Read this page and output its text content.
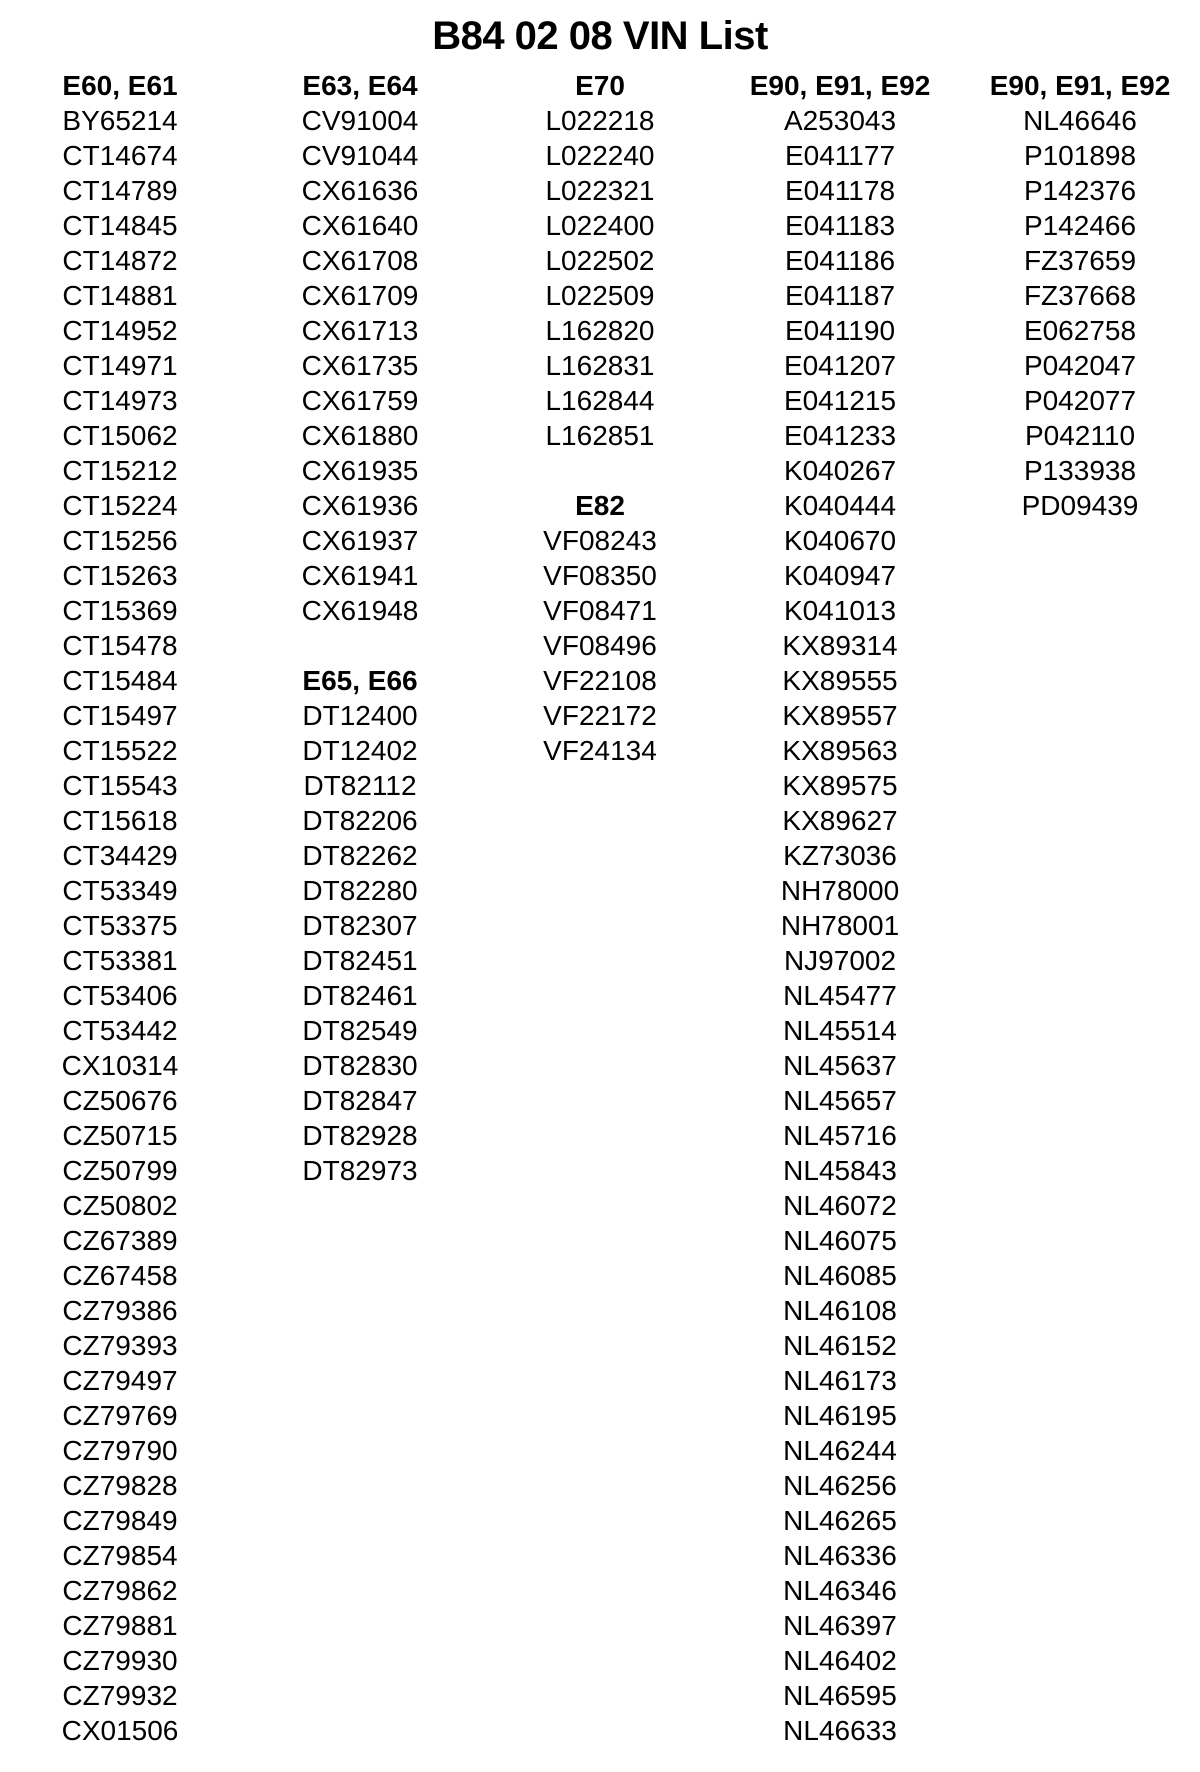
B84 02 08 VIN List
E60, E61
BY65214
CT14674
CT14789
CT14845
CT14872
CT14881
CT14952
CT14971
CT14973
CT15062
CT15212
CT15224
CT15256
CT15263
CT15369
CT15478
CT15484
CT15497
CT15522
CT15543
CT15618
CT34429
CT53349
CT53375
CT53381
CT53406
CT53442
CX10314
CZ50676
CZ50715
CZ50799
CZ50802
CZ67389
CZ67458
CZ79386
CZ79393
CZ79497
CZ79769
CZ79790
CZ79828
CZ79849
CZ79854
CZ79862
CZ79881
CZ79930
CZ79932
CX01506
E63, E64
CV91004
CV91044
CX61636
CX61640
CX61708
CX61709
CX61713
CX61735
CX61759
CX61880
CX61935
CX61936
CX61937
CX61941
CX61948
E65, E66
DT12400
DT12402
DT82112
DT82206
DT82262
DT82280
DT82307
DT82451
DT82461
DT82549
DT82830
DT82847
DT82928
DT82973
E70
L022218
L022240
L022321
L022400
L022502
L022509
L162820
L162831
L162844
L162851
E82
VF08243
VF08350
VF08471
VF08496
VF22108
VF22172
VF24134
E90, E91, E92
A253043
E041177
E041178
E041183
E041186
E041187
E041190
E041207
E041215
E041233
K040267
K040444
K040670
K040947
K041013
KX89314
KX89555
KX89557
KX89563
KX89575
KX89627
KZ73036
NH78000
NH78001
NJ97002
NL45477
NL45514
NL45637
NL45657
NL45716
NL45843
NL46072
NL46075
NL46085
NL46108
NL46152
NL46173
NL46195
NL46244
NL46256
NL46265
NL46336
NL46346
NL46397
NL46402
NL46595
NL46633
E90, E91, E92
NL46646
P101898
P142376
P142466
FZ37659
FZ37668
E062758
P042047
P042077
P042110
P133938
PD09439
